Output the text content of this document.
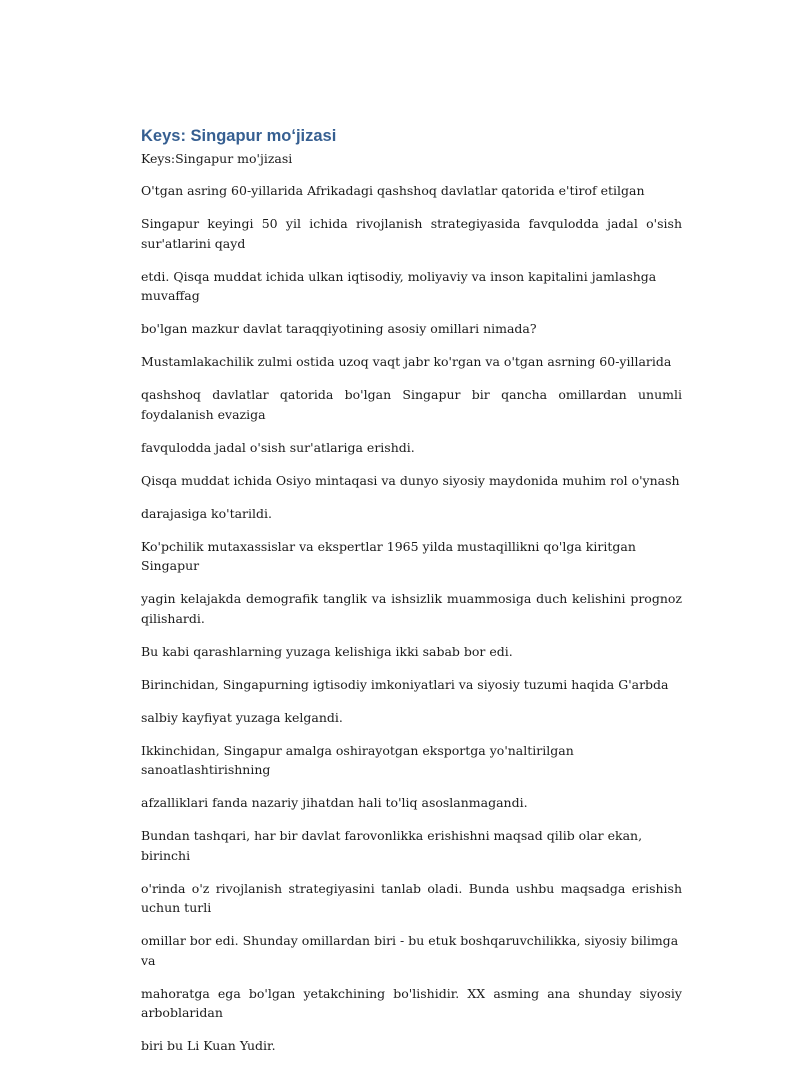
Keys: Singapur moʻjizasi

Keys:Singapur mo'jizasi

O'tgan asring 60-yillarida Afrikadagi qashshoq davlatlar qatorida e'tirof etilgan

Singapur keyingi 50 yil ichida rivojlanish strategiyasida favqulodda jadal o'sish sur'atlarini qayd

etdi. Qisqa muddat ichida ulkan iqtisodiy, moliyaviy va inson kapitalini jamlashga muvaffag

bo'lgan mazkur davlat taraqqiyotining asosiy omillari nimada?

Mustamlakachilik zulmi ostida uzoq vaqt jabr ko'rgan va o'tgan asrning 60-yillarida

qashshoq davlatlar qatorida bo'lgan Singapur bir qancha omillardan unumli foydalanish evaziga

favqulodda jadal o'sish sur'atlariga erishdi.

Qisqa muddat ichida Osiyo mintaqasi va dunyo siyosiy maydonida muhim rol o'ynash

darajasiga ko'tarildi.

Ko'pchilik mutaxassislar va ekspertlar 1965 yilda mustaqillikni qo'lga kiritgan Singapur

yagin kelajakda demografik tanglik va ishsizlik muammosiga duch kelishini prognoz qilishardi.

Bu kabi qarashlarning yuzaga kelishiga ikki sabab bor edi.

Birinchidan, Singapurning igtisodiy imkoniyatlari va siyosiy tuzumi haqida G'arbda

salbiy kayfiyat yuzaga kelgandi.

Ikkinchidan, Singapur amalga oshirayotgan eksportga yo'naltirilgan sanoatlashtirishning

afzalliklari fanda nazariy jihatdan hali to'liq asoslanmagandi.

Bundan tashqari, har bir davlat farovonlikka erishishni maqsad qilib olar ekan, birinchi

o'rinda o'z rivojlanish strategiyasini tanlab oladi. Bunda ushbu maqsadga erishish uchun turli

omillar bor edi. Shunday omillardan biri - bu etuk boshqaruvchilikka, siyosiy bilimga va

mahoratga ega bo'lgan yetakchining bo'lishidir. XX asming ana shunday siyosiy arboblaridan

biri bu Li Kuan Yudir.
